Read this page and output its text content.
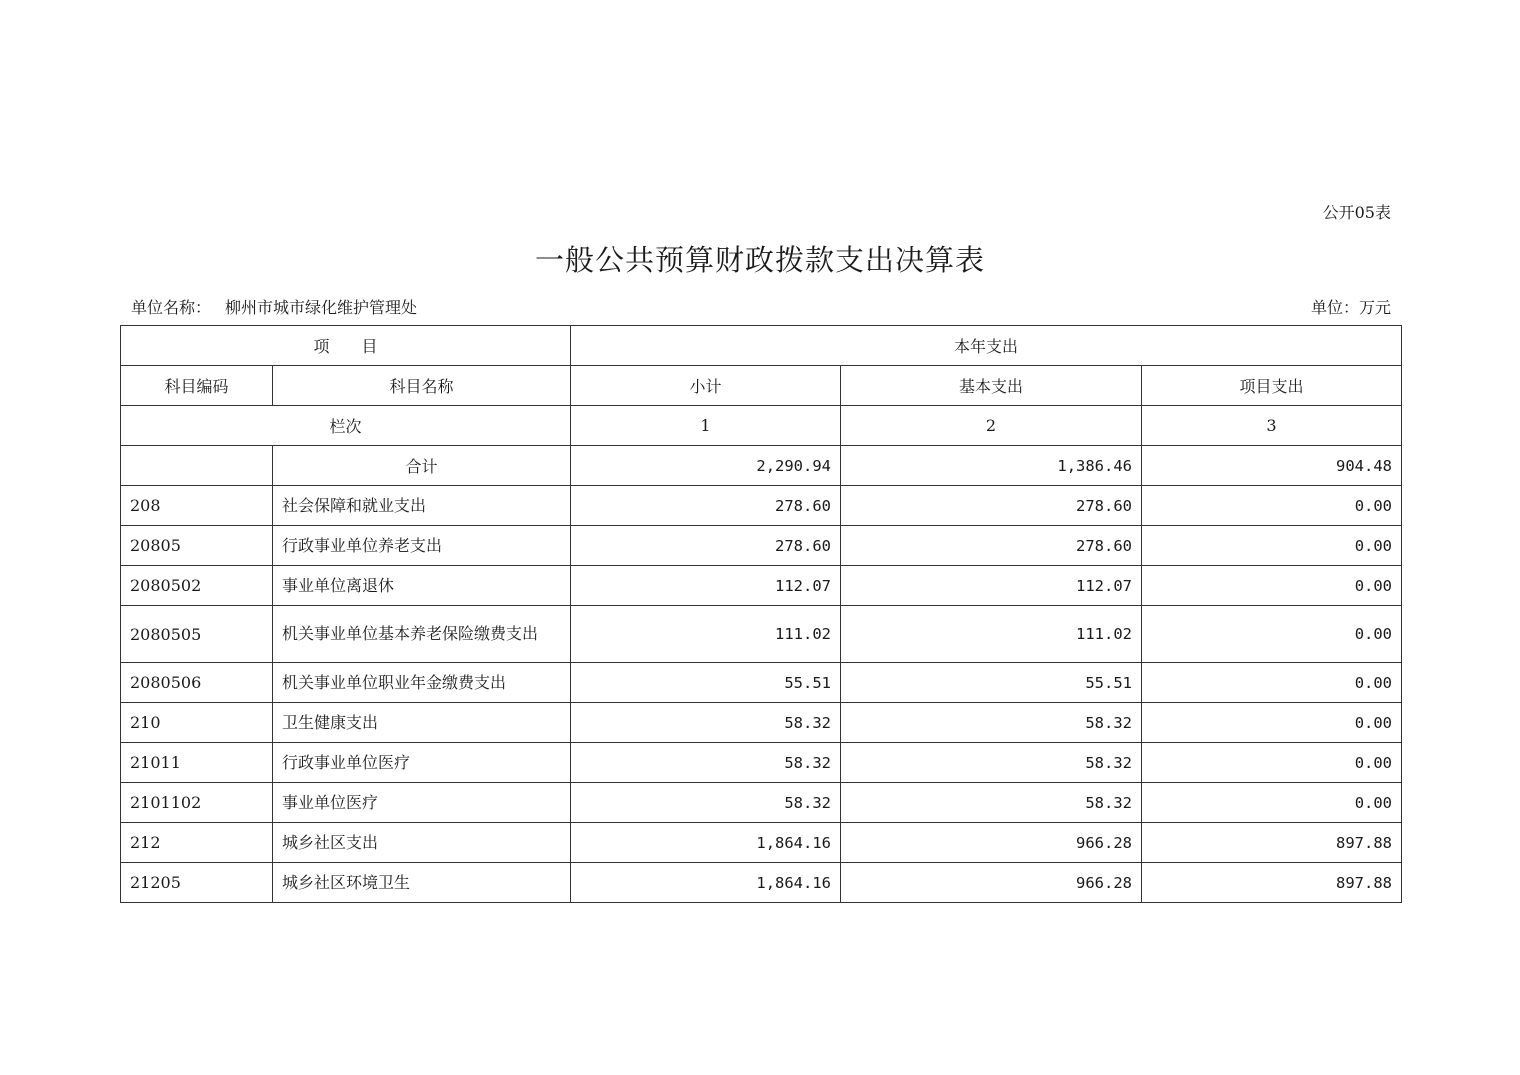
公开05表
一般公共预算财政拨款支出决算表
单位名称： 柳州市城市绿化维护管理处	单位：万元
项　　目		本年支出		
科目编码	科目名称	小计	基本支出	项目支出
栏次		1	2	3
	合计	2,290.94	1,386.46	904.48
208	社会保障和就业支出	278.60	278.60	0.00
20805	行政事业单位养老支出	278.60	278.60	0.00
2080502	事业单位离退休	112.07	112.07	0.00
2080505	机关事业单位基本养老保险缴费支出	111.02	111.02	0.00
2080506	机关事业单位职业年金缴费支出	55.51	55.51	0.00
210	卫生健康支出	58.32	58.32	0.00
21011	行政事业单位医疗	58.32	58.32	0.00
2101102	事业单位医疗	58.32	58.32	0.00
212	城乡社区支出	1,864.16	966.28	897.88
21205	城乡社区环境卫生	1,864.16	966.28	897.88
